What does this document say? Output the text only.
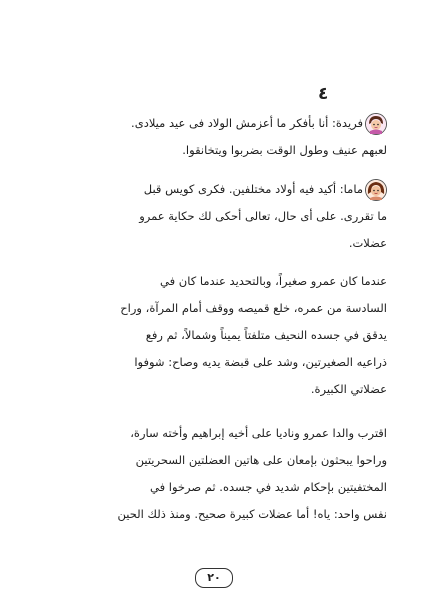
٤
فريدة: أنا بأفكر ما أعزمش الولاد فى عيد ميلادى.
لعبهم عنيف وطول الوقت بضربوا ويتخانقوا.
ماما: أكيد فيه أولاد مختلفين. فكرى كويس قبل
ما تقررى. على أى حال، تعالى أحكى لك حكاية عمرو
عضلات.
عندما كان عمرو صغيراً، وبالتحديد عندما كان في
السادسة من عمره، خلع قميصه ووقف أمام المرآة، وراح
يدقق في جسده النحيف متلفتاً يميناً وشمالاً، ثم رفع
ذراعيه الصغيرتين، وشد على قبضة يديه وصاح: شوفوا
عضلاتي الكبيرة.
اقترب والدا عمرو وناديا على أخيه إبراهيم وأخته سارة،
وراحوا يبحثون بإمعان على هاتين العضلتين السحريتين
المختفيتين بإحكام شديد في جسده. ثم صرخوا في
نفس واحد: ياه! أما عضلات كبيرة صحيح. ومنذ ذلك الحين
٢٠
